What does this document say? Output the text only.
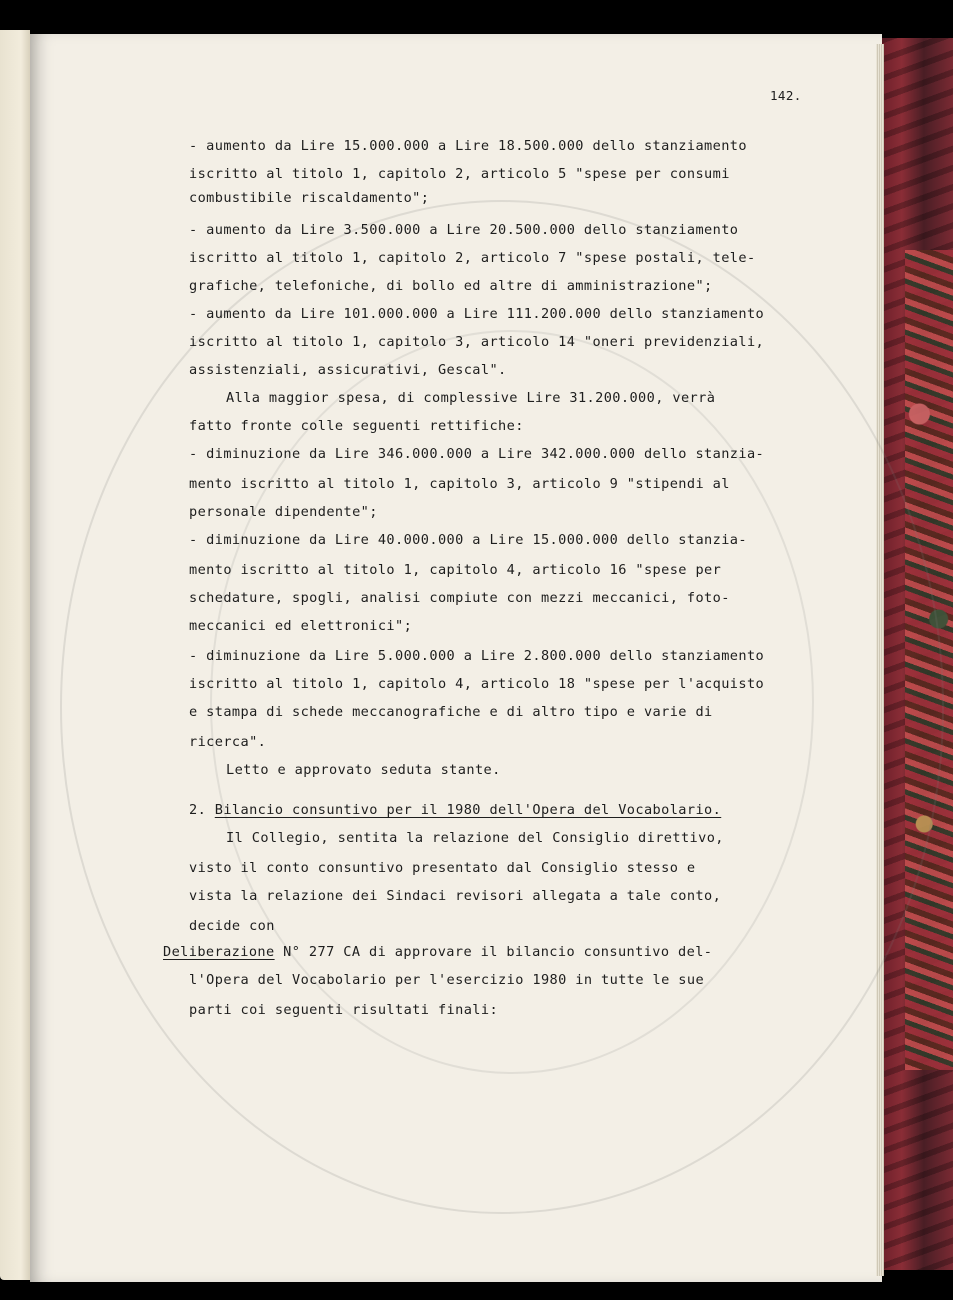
142.
- aumento da Lire 15.000.000 a Lire 18.500.000 dello stanziamento
iscritto al titolo 1, capitolo 2, articolo 5 "spese per consumi
combustibile riscaldamento";
- aumento da Lire 3.500.000 a Lire 20.500.000 dello stanziamento
iscritto al titolo 1, capitolo 2, articolo 7 "spese postali, tele-
grafiche, telefoniche, di bollo ed altre di amministrazione";
- aumento da Lire 101.000.000 a Lire 111.200.000 dello stanziamento
iscritto al titolo 1, capitolo 3, articolo 14 "oneri previdenziali,
assistenziali, assicurativi, Gescal".
Alla maggior spesa, di complessive Lire 31.200.000, verrà
fatto fronte colle seguenti rettifiche:
- diminuzione da Lire 346.000.000 a Lire 342.000.000 dello stanzia-
mento iscritto al titolo 1, capitolo 3, articolo 9 "stipendi al
personale dipendente";
- diminuzione da Lire 40.000.000 a Lire 15.000.000 dello stanzia-
mento iscritto al titolo 1, capitolo 4, articolo 16 "spese per
schedature, spogli, analisi compiute con mezzi meccanici, foto-
meccanici ed elettronici";
- diminuzione da Lire 5.000.000 a Lire 2.800.000 dello stanziamento
iscritto al titolo 1, capitolo 4, articolo 18 "spese per l'acquisto
e stampa di schede meccanografiche e di altro tipo e varie di
ricerca".
Letto e approvato seduta stante.
2. Bilancio consuntivo per il 1980 dell'Opera del Vocabolario.
Il Collegio, sentita la relazione del Consiglio direttivo,
visto il conto consuntivo presentato dal Consiglio stesso e
vista la relazione dei Sindaci revisori allegata a tale conto,
decide con
Deliberazione N° 277 CA di approvare il bilancio consuntivo del-
l'Opera del Vocabolario per l'esercizio 1980 in tutte le sue
parti coi seguenti risultati finali:
